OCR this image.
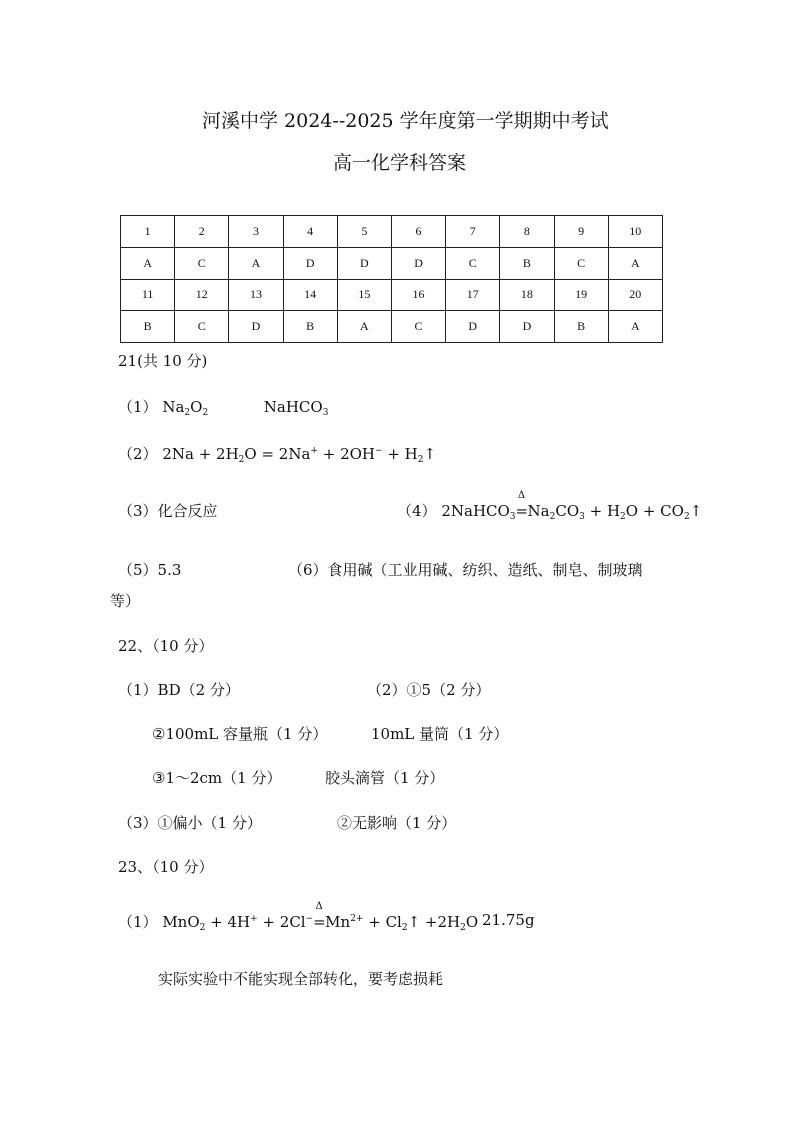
河溪中学 2024--2025 学年度第一学期期中考试
高一化学科答案
1	2	3	4	5	6	7	8	9	10
A	C	A	D	D	D	C	B	C	A
11	12	13	14	15	16	17	18	19	20
B	C	D	B	A	C	D	D	B	A
21(共 10 分)
（1） $Na_2O_2$	NaHCO$_3$
（2） $2Na + 2H_2O = 2Na^+ + 2OH^-$ + $H_2↑$
（3）化合反应	（4） 2NaHCO$_3$
Δ
$=Na_2CO_3 + H_2O$ + $CO_2↑$
（5）5.3	（6）食用碱（工业用碱、纺织、造纸、制皂、制玻璃
等）
22、（10 分）
（1）BD（2 分）	（2）①5（2 分）
②100mL 容量瓶（1 分）	10mL 量筒（1 分）
③1～2cm（1 分）	胶头滴管（1 分）
（3）①偏小（1 分）	②无影响（1 分）
23、（10 分）
（1） MnO$_2$ + 4H+ + 2Cl−
Δ
$=Mn^{2+}$ + $Cl_2↑ +2H_2O$ 21.75g
实际实验中不能实现全部转化，要考虑损耗
